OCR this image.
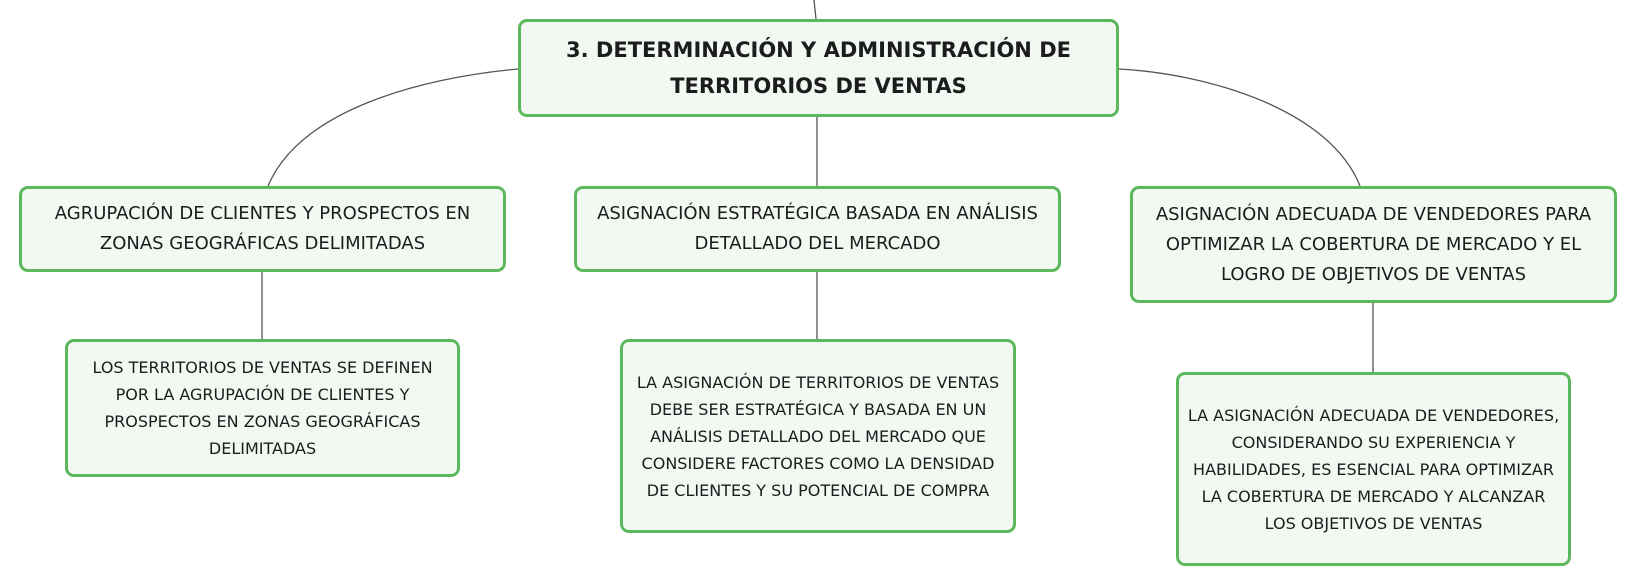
3. DETERMINACIÓN Y ADMINISTRACIÓN DE TERRITORIOS DE VENTAS
AGRUPACIÓN DE CLIENTES Y PROSPECTOS EN ZONAS GEOGRÁFICAS DELIMITADAS
ASIGNACIÓN ESTRATÉGICA BASADA EN ANÁLISIS DETALLADO DEL MERCADO
ASIGNACIÓN ADECUADA DE VENDEDORES PARA OPTIMIZAR LA COBERTURA DE MERCADO Y EL LOGRO DE OBJETIVOS DE VENTAS
LOS TERRITORIOS DE VENTAS SE DEFINEN POR LA AGRUPACIÓN DE CLIENTES Y PROSPECTOS EN ZONAS GEOGRÁFICAS DELIMITADAS
LA ASIGNACIÓN DE TERRITORIOS DE VENTAS DEBE SER ESTRATÉGICA Y BASADA EN UN ANÁLISIS DETALLADO DEL MERCADO QUE CONSIDERE FACTORES COMO LA DENSIDAD DE CLIENTES Y SU POTENCIAL DE COMPRA
LA ASIGNACIÓN ADECUADA DE VENDEDORES, CONSIDERANDO SU EXPERIENCIA Y HABILIDADES, ES ESENCIAL PARA OPTIMIZAR LA COBERTURA DE MERCADO Y ALCANZAR LOS OBJETIVOS DE VENTAS
